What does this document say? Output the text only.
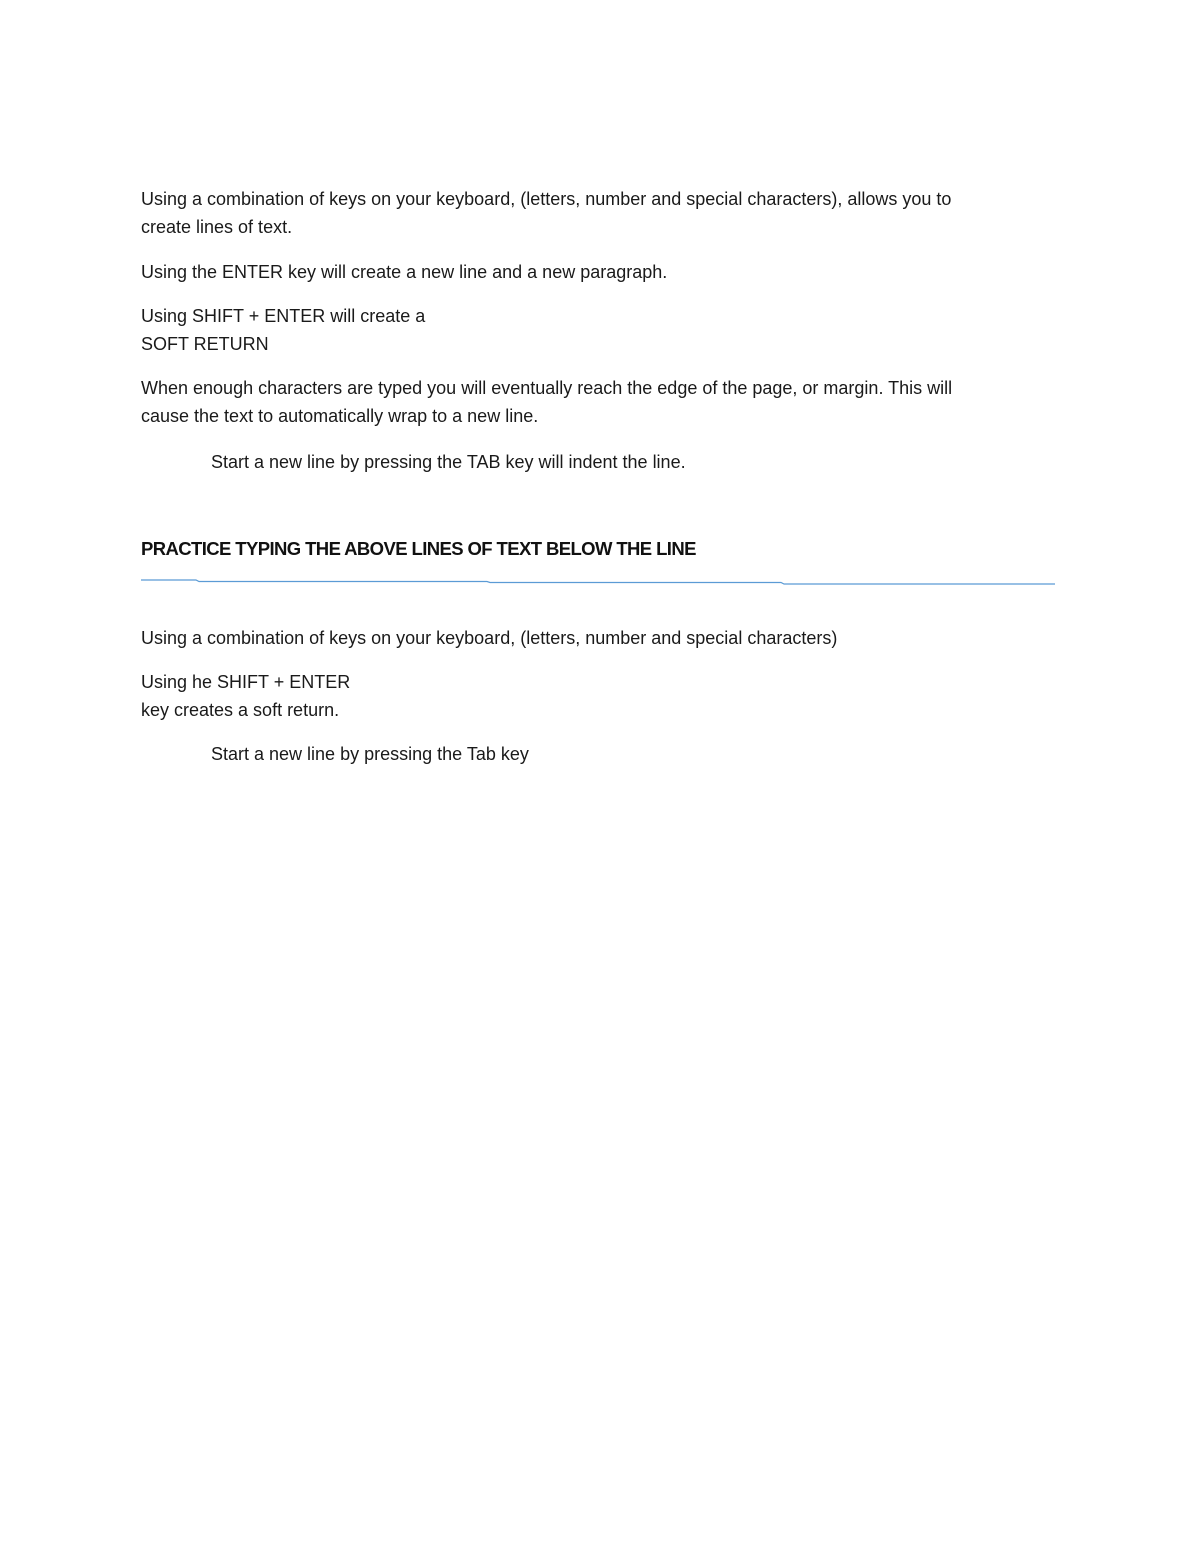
Using a combination of keys on your keyboard, (letters, number and special characters), allows you to
create lines of text.

Using the ENTER key will create a new line and a new paragraph.

Using SHIFT + ENTER will create a
SOFT RETURN

When enough characters are typed you will eventually reach the edge of the page, or margin. This will
cause the text to automatically wrap to a new line.

Start a new line by pressing the TAB key will indent the line.

PRACTICE TYPING THE ABOVE LINES OF TEXT BELOW THE LINE

Using a combination of keys on your keyboard, (letters, number and special characters)

Using he SHIFT + ENTER
key creates a soft return.

Start a new line by pressing the Tab key
